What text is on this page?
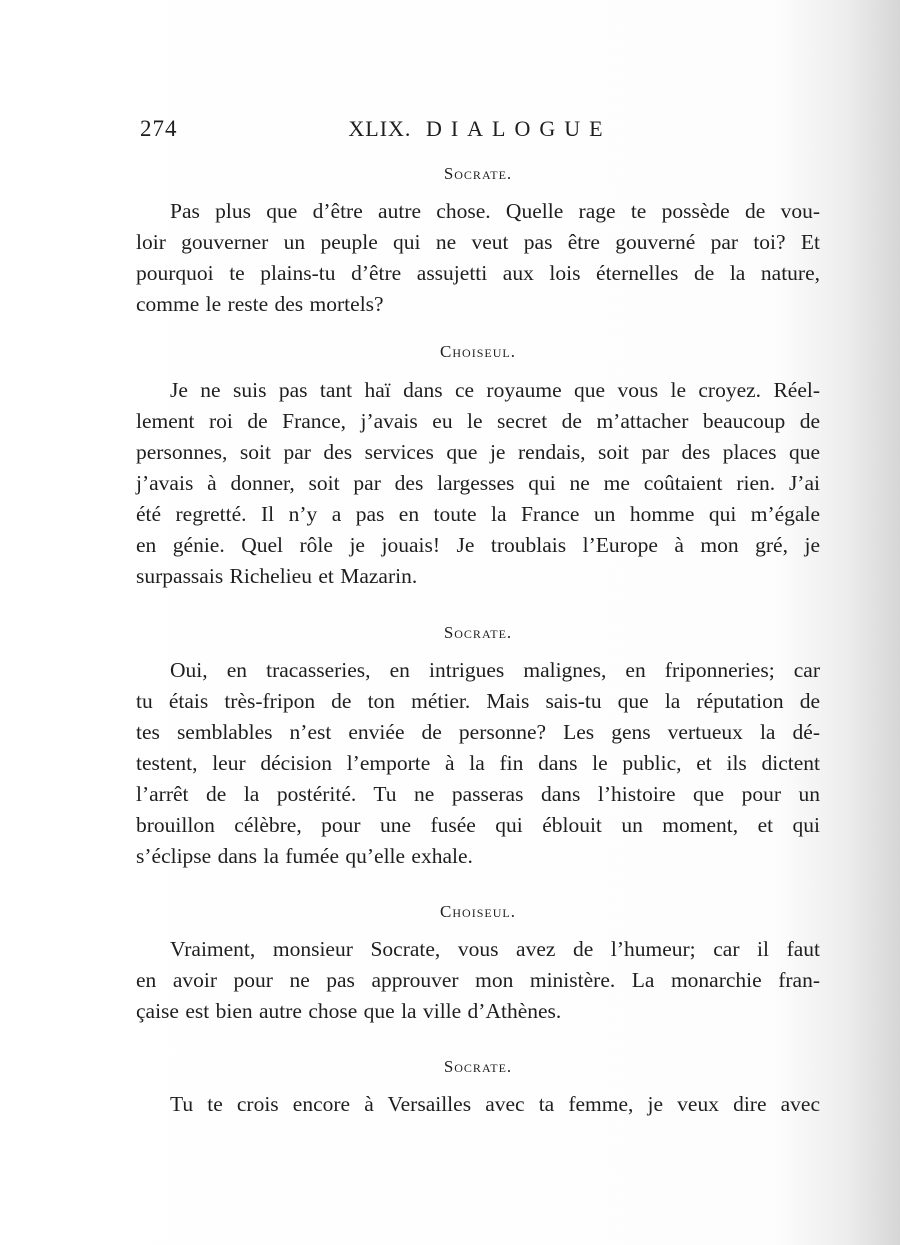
274	XLIX. DIALOGUE
Socrate.
Pas plus que d’être autre chose. Quelle rage te possède de vou-
loir gouverner un peuple qui ne veut pas être gouverné par toi? Et
pourquoi te plains-tu d’être assujetti aux lois éternelles de la nature,
comme le reste des mortels?
Choiseul.
Je ne suis pas tant haï dans ce royaume que vous le croyez. Réel-
lement roi de France, j’avais eu le secret de m’attacher beaucoup de
personnes, soit par des services que je rendais, soit par des places que
j’avais à donner, soit par des largesses qui ne me coûtaient rien. J’ai
été regretté. Il n’y a pas en toute la France un homme qui m’égale
en génie. Quel rôle je jouais! Je troublais l’Europe à mon gré, je
surpassais Richelieu et Mazarin.
Socrate.
Oui, en tracasseries, en intrigues malignes, en friponneries; car
tu étais très-fripon de ton métier. Mais sais-tu que la réputation de
tes semblables n’est enviée de personne? Les gens vertueux la dé-
testent, leur décision l’emporte à la fin dans le public, et ils dictent
l’arrêt de la postérité. Tu ne passeras dans l’histoire que pour un
brouillon célèbre, pour une fusée qui éblouit un moment, et qui
s’éclipse dans la fumée qu’elle exhale.
Choiseul.
Vraiment, monsieur Socrate, vous avez de l’humeur; car il faut
en avoir pour ne pas approuver mon ministère. La monarchie fran-
çaise est bien autre chose que la ville d’Athènes.
Socrate.
Tu te crois encore à Versailles avec ta femme, je veux dire avec
